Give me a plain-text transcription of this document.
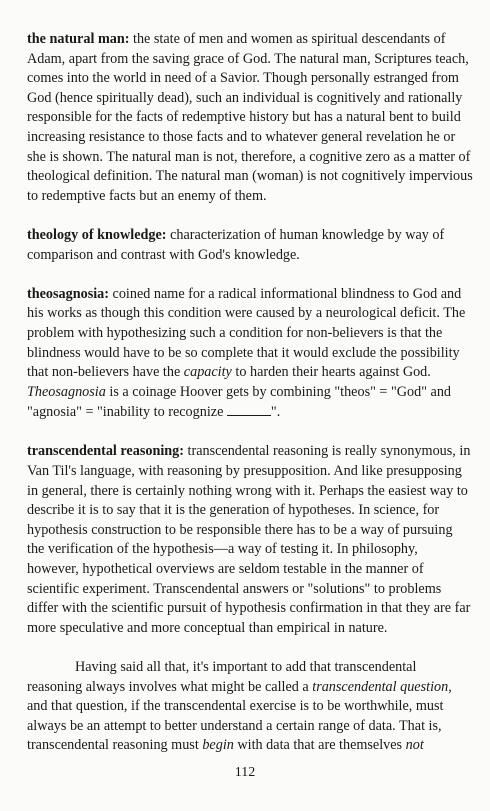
the natural man: the state of men and women as spiritual descendants of Adam, apart from the saving grace of God. The natural man, Scriptures teach, comes into the world in need of a Savior. Though personally estranged from God (hence spiritually dead), such an individual is cognitively and rationally responsible for the facts of redemptive history but has a natural bent to build increasing resistance to those facts and to whatever general revelation he or she is shown. The natural man is not, therefore, a cognitive zero as a matter of theological definition. The natural man (woman) is not cognitively impervious to redemptive facts but an enemy of them.

theology of knowledge: characterization of human knowledge by way of comparison and contrast with God's knowledge.

theosagnosia: coined name for a radical informational blindness to God and his works as though this condition were caused by a neurological deficit. The problem with hypothesizing such a condition for non-believers is that the blindness would have to be so complete that it would exclude the possibility that non-believers have the capacity to harden their hearts against God. Theosagnosia is a coinage Hoover gets by combining "theos" = "God" and "agnosia" = "inability to recognize	".

transcendental reasoning: transcendental reasoning is really synonymous, in Van Til's language, with reasoning by presupposition. And like presupposing in general, there is certainly nothing wrong with it. Perhaps the easiest way to describe it is to say that it is the generation of hypotheses. In science, for hypothesis construction to be responsible there has to be a way of pursuing the verification of the hypothesis—a way of testing it. In philosophy, however, hypothetical overviews are seldom testable in the manner of scientific experiment. Transcendental answers or "solutions" to problems differ with the scientific pursuit of hypothesis confirmation in that they are far more speculative and more conceptual than empirical in nature.

Having said all that, it's important to add that transcendental reasoning always involves what might be called a transcendental question, and that question, if the transcendental exercise is to be worthwhile, must always be an attempt to better understand a certain range of data. That is, transcendental reasoning must begin with data that are themselves not

112
